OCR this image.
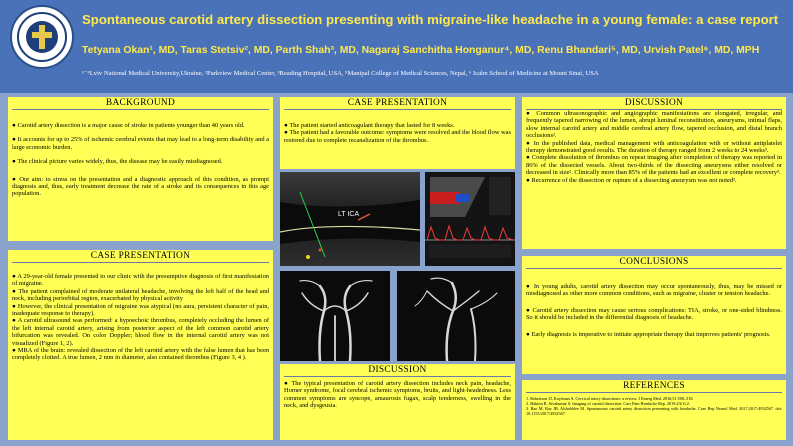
Spontaneous carotid artery dissection presenting with migraine-like headache in a young female: a case report
Tetyana Okan¹, MD, Taras Stetsiv², MD, Parth Shah³, MD, Nagaraj Sanchitha Honganur⁴, MD, Renu Bhandari⁵, MD, Urvish Patel⁶, MD, MPH
¹⁻⁶Lviv National Medical University,Ukraine, ²Parkview Medical Center, ³Reading Hospital, USA, ⁵Manipal College of Medical Sciences, Nepal, ⁶ Icahn School of Medicine at Mount Sinai, USA
BACKGROUND

● Carotid artery dissection is a major cause of stroke in patients younger than 40 years old.

● It accounts for up to 25% of ischemic cerebral events that may lead to a long-term disability and a large economic burden.

● The clinical picture varies widely, thus, the disease may be easily misdiagnosed.

● Our aim: to stress on the presentation and a diagnostic approach of this condition, as prompt diagnosis and, thus, early treatment decrease the rate of a stroke and its consequences in this age population.

CASE PRESENTATION

● A 29-year-old female presented to our clinic with the presumptive diagnosis of first manifestation of migraine.

● The patient complained of moderate unilateral headache, involving the left half of the head and neck, including periorbital region, exacerbated by physical activity

● However, the clinical presentation of migraine was atypical (no aura, persistent character of pain, inadequate response to therapy).

● A carotid ultrasound was performed: a hypoechoic thrombus, completely occluding the lumen of the left internal carotid artery, arising from posterior aspect of the left common carotid artery bifurcation was revealed. On color Doppler; blood flow in the internal carotid artery was not visualized (Figure 1, 2).

● MRA of the brain: revealed dissection of the left carotid artery with the false lumen that has been completely clotted. A true lumen, 2 mm in diameter, also contained thrombus (Figure 3, 4 ).

CASE PRESENTATION

● The patient started anticoagulant therapy that lasted for 8 weeks.

● The patient had a favorable outcome: symptoms were resolved and the blood flow was restored due to complete recanalization of the thrombus.

LT ICA
DISCUSSION

● The typical presentation of carotid artery dissection includes neck pain, headache, Horner syndrome, focal cerebral ischemic symptoms, bruits, and light-headedness. Less common symptoms are syncope, amaurosis fugax, scalp tenderness, swelling in the neck, and dysgeusia.

DISCUSSION

● Common ultrasonographic and angiographic manifestations are elongated, irregular, and frequently tapered narrowing of the lumen, abrupt luminal reconstitution, aneurysms, intimal flaps, slow internal carotid artery and middle cerebral artery flow, tapered occlusion, and distal branch occlusions².

● In the published data, medical management with anticoagulation with or without antiplatelet therapy demonstrated good results. The duration of therapy ranged from 2 weeks to 24 weeks³.

● Complete dissolution of thrombus on repeat imaging after completion of therapy was reported in 86% of the dissected vessels. About two-thirds of the dissecting aneurysms either resolved or decreased in size². Clinically more than 85% of the patients had an excellent or complete recovery³.

● Recurrence of the dissection or rupture of a dissecting aneurysm was not noted³.

CONCLUSIONS

● In young adults, carotid artery dissection may occur spontaneously, thus, may be missed or misdiagnosed as other more common conditions, such as migraine, cluster or tension headache.

● Carotid artery dissection may cause serious complications: TIA, stroke, or one-sided blindness. So it should be included in the differential diagnosis of headache.

● Early diagnosis is imperative to initiate appropriate therapy that improves patients' prognosis.

REFERENCES

1. Robertson JJ, Koyfman A. Cervical artery dissections: a review. J Emerg Med. 2016;51:508–518.

2. Hakimi R, Sivakumar S. Imaging of carotid dissection. Curr Pain Headache Rep. 2019;23(1):2.

3. Rao M, Ray JB, Alshekhlee M. Spontaneous carotid artery dissection presenting with headache. Case Rep Neurol Med. 2017;2017:4932567. doi: 10.1155/2017/4932567.
